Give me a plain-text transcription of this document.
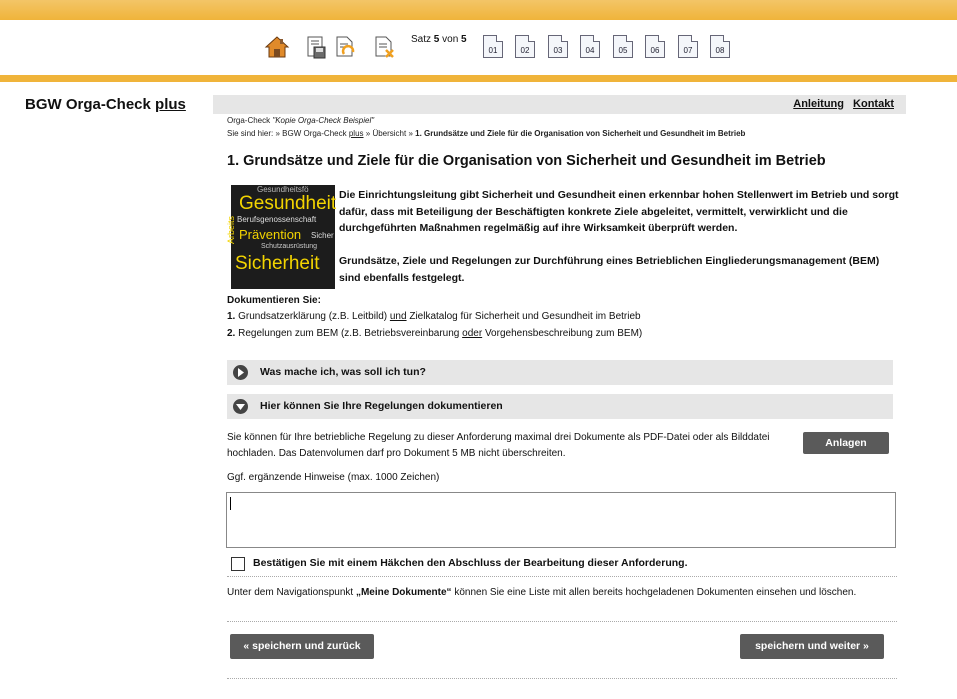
Satz 5 von 5
01	02	03	04	05	06	07	08
BGW Orga-Check plus	Anleitung Kontakt
Orga-Check "Kopie Orga-Check Beispiel"
Sie sind hier: » BGW Orga-Check plus » Übersicht » 1. Grundsätze und Ziele für die Organisation von Sicherheit und Gesundheit im Betrieb
1. Grundsätze und Ziele für die Organisation von Sicherheit und Gesundheit im Betrieb
Gesundheitsfö
Gesundheit
Berufsgenossenschaft
Prävention Sicher
Schutzausrüstung
Sicherheit
Arbeits
Die Einrichtungsleitung gibt Sicherheit und Gesundheit einen erkennbar hohen Stellenwert im Betrieb und sorgt dafür, dass mit Beteiligung der Beschäftigten konkrete Ziele abgeleitet, vermittelt, verwirklicht und die durchgeführten Maßnahmen regelmäßig auf ihre Wirksamkeit überprüft werden.
Grundsätze, Ziele und Regelungen zur Durchführung eines Betrieblichen Eingliederungsmanagement (BEM) sind ebenfalls festgelegt.
Dokumentieren Sie:
1. Grundsatzerklärung (z.B. Leitbild) und Zielkatalog für Sicherheit und Gesundheit im Betrieb
2. Regelungen zum BEM (z.B. Betriebsvereinbarung oder Vorgehensbeschreibung zum BEM)
Was mache ich, was soll ich tun?
Hier können Sie Ihre Regelungen dokumentieren
Sie können für Ihre betriebliche Regelung zu dieser Anforderung maximal drei Dokumente als PDF-Datei oder als Bilddatei hochladen. Das Datenvolumen darf pro Dokument 5 MB nicht überschreiten.
Anlagen
Ggf. ergänzende Hinweise (max. 1000 Zeichen)
Bestätigen Sie mit einem Häkchen den Abschluss der Bearbeitung dieser Anforderung.
Unter dem Navigationspunkt „Meine Dokumente“ können Sie eine Liste mit allen bereits hochgeladenen Dokumenten einsehen und löschen.
« speichern und zurück	speichern und weiter »
